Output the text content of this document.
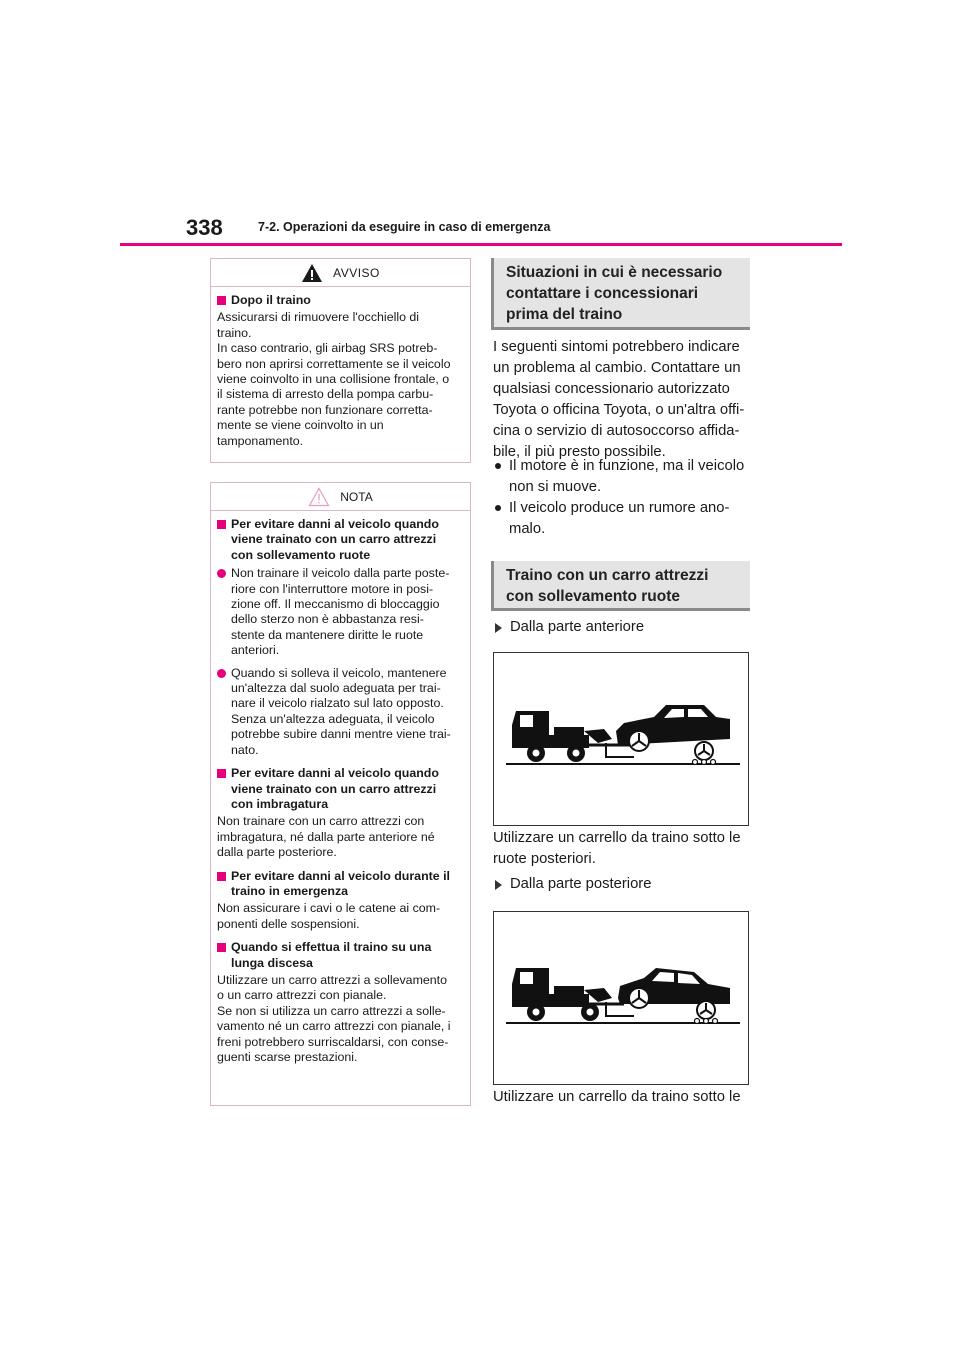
338	7-2. Operazioni da eseguire in caso di emergenza
AVVISO
Dopo il traino
Assicurarsi di rimuovere l'occhiello di
traino.
In caso contrario, gli airbag SRS potreb-
bero non aprirsi correttamente se il veicolo
viene coinvolto in una collisione frontale, o
il sistema di arresto della pompa carbu-
rante potrebbe non funzionare corretta-
mente se viene coinvolto in un
tamponamento.
NOTA
Per evitare danni al veicolo quando
viene trainato con un carro attrezzi
con sollevamento ruote
Non trainare il veicolo dalla parte poste-
riore con l'interruttore motore in posi-
zione off. Il meccanismo di bloccaggio
dello sterzo non è abbastanza resi-
stente da mantenere diritte le ruote
anteriori.
Quando si solleva il veicolo, mantenere
un'altezza dal suolo adeguata per trai-
nare il veicolo rialzato sul lato opposto.
Senza un'altezza adeguata, il veicolo
potrebbe subire danni mentre viene trai-
nato.
Per evitare danni al veicolo quando
viene trainato con un carro attrezzi
con imbragatura
Non trainare con un carro attrezzi con
imbragatura, né dalla parte anteriore né
dalla parte posteriore.
Per evitare danni al veicolo durante il
traino in emergenza
Non assicurare i cavi o le catene ai com-
ponenti delle sospensioni.
Quando si effettua il traino su una
lunga discesa
Utilizzare un carro attrezzi a sollevamento
o un carro attrezzi con pianale.
Se non si utilizza un carro attrezzi a solle-
vamento né un carro attrezzi con pianale, i
freni potrebbero surriscaldarsi, con conse-
guenti scarse prestazioni.
Situazioni in cui è necessario
contattare i concessionari
prima del traino
I seguenti sintomi potrebbero indicare
un problema al cambio. Contattare un
qualsiasi concessionario autorizzato
Toyota o officina Toyota, o un'altra offi-
cina o servizio di autosoccorso affida-
bile, il più presto possibile.
Il motore è in funzione, ma il veicolo
non si muove.
Il veicolo produce un rumore ano-
malo.
Traino con un carro attrezzi
con sollevamento ruote
Dalla parte anteriore
Utilizzare un carrello da traino sotto le
ruote posteriori.
Dalla parte posteriore
Utilizzare un carrello da traino sotto le
